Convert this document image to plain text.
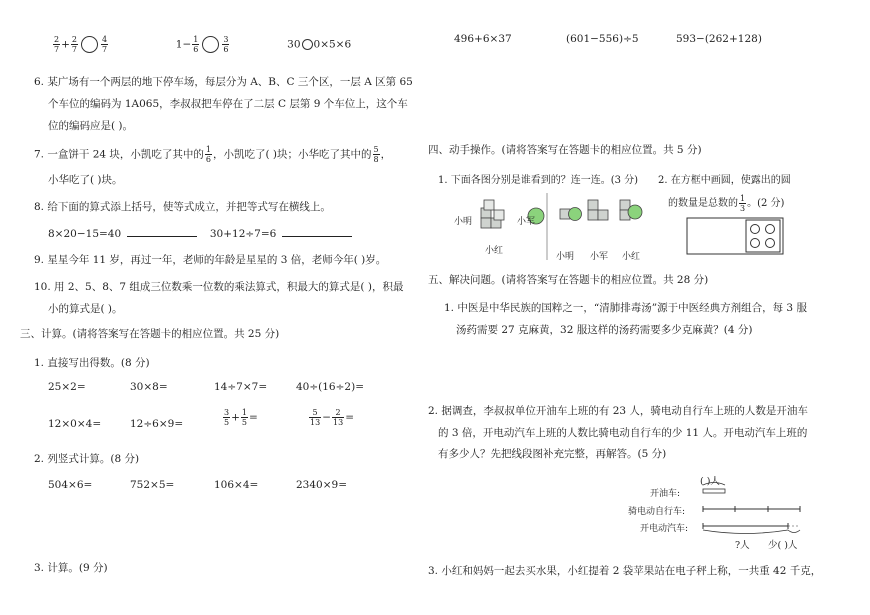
$\frac{2}{7} + \frac{2}{7}$	$\frac{4}{7}$	$1- \frac{1}{6}$	$\frac{3}{6}$	30 0×5×6
6. 某广场有一个两层的地下停车场，每层分为 A、B、C 三个区，一层 A 区第 65
个车位的编码为 1A065，李叔叔把车停在了二层 C 层第 9 个车位上，这个车
位的编码应是( )。
7. 一盒饼干 24 块，小凯吃了其中的 $\frac{1}{6}$ ，小凯吃了( )块；小华吃了其中的 $\frac{5}{8}$ ，
小华吃了( )块。
8. 给下面的算式添上括号，使等式成立，并把等式写在横线上。
8×20−15=40	30+12÷7=6
9. 星星今年 11 岁，再过一年，老师的年龄是星星的 3 倍，老师今年( )岁。
10. 用 2、5、8、7 组成三位数乘一位数的乘法算式，积最大的算式是( )，积最
小的算式是( )。
三、计算。(请将答案写在答题卡的相应位置。共 25 分)
1. 直接写出得数。(8 分)
25×2=	30×8=	14÷7×7=	40÷(16÷2)=
12×0×4=	12÷6×9=	$\frac{3}{5} + \frac{1}{5}$ =	$\frac{5}{13} - \frac{2}{13}$ =
2. 列竖式计算。(8 分)
504×6=	752×5=	106×4=	2340×9=
3. 计算。(9 分)
496+6×37	(601−556)÷5	593−(262+128)
四、动手操作。(请将答案写在答题卡的相应位置。共 5 分)
1. 下面各图分别是谁看到的？连一连。(3 分)
小明	小军
小红
小明 小军 小红
2. 在方框中画圆，使露出的圆
的数量是总数的 $\frac{1}{3}$ 。(2 分)
五、解决问题。(请将答案写在答题卡的相应位置。共 28 分)
1. 中医是中华民族的国粹之一，“清肺排毒汤”源于中医经典方剂组合，每 3 服
汤药需要 27 克麻黄，32 服这样的汤药需要多少克麻黄？(4 分)
2. 据调查，李叔叔单位开油车上班的有 23 人，骑电动自行车上班的人数是开油车
的 3 倍，开电动汽车上班的人数比骑电动自行车的少 11 人。开电动汽车上班的
有多少人？先把线段图补充完整，再解答。(5 分)
( )人
开油车:
骑电动自行车:
开电动汽车:
?人 少( )人
3. 小红和妈妈一起去买水果，小红提着 2 袋苹果站在电子秤上称，一共重 42 千克，
